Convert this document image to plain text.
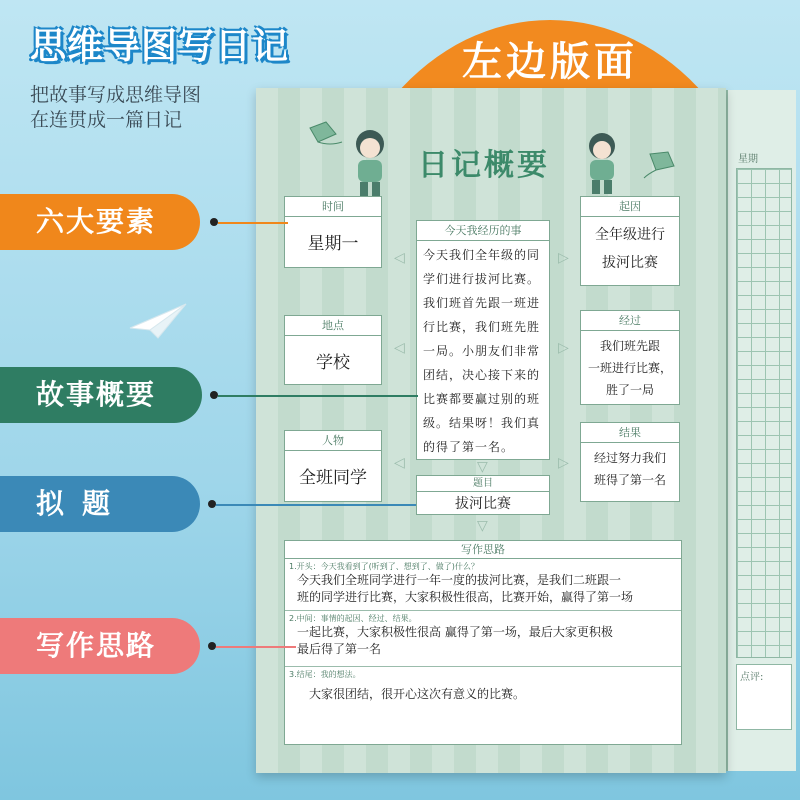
思维导图写日记
把故事写成思维导图
在连贯成一篇日记
左边版面
星期
点评:
日记概要
时间
星期一
地点
学校
人物
全班同学
起因
全年级进行
拔河比赛
经过
我们班先跟
一班进行比赛，
胜了一局
结果
经过努力我们
班得了第一名
今天我经历的事
今天我们全年级的同
学们进行拔河比赛。
我们班首先跟一班进
行比赛，我们班先胜
一局。小朋友们非常
团结，决心接下来的
比赛都要赢过别的班
级。结果呀！我们真
的得了第一名。
题目
拔河比赛
◁
◁
◁
▷
▷
▷
▽
▽
写作思路
1.开头：今天我看到了(听到了、想到了、做了)什么？
今天我们全班同学进行一年一度的拔河比赛，是我们二班跟一
班的同学进行比赛，大家积极性很高，比赛开始，赢得了第一场
2.中间：事情的起因、经过、结果。
一起比赛，大家积极性很高 赢得了第一场，最后大家更积极
最后得了第一名
3.结尾：我的想法。
大家很团结，很开心这次有意义的比赛。
六大要素
故事概要
拟题
写作思路
